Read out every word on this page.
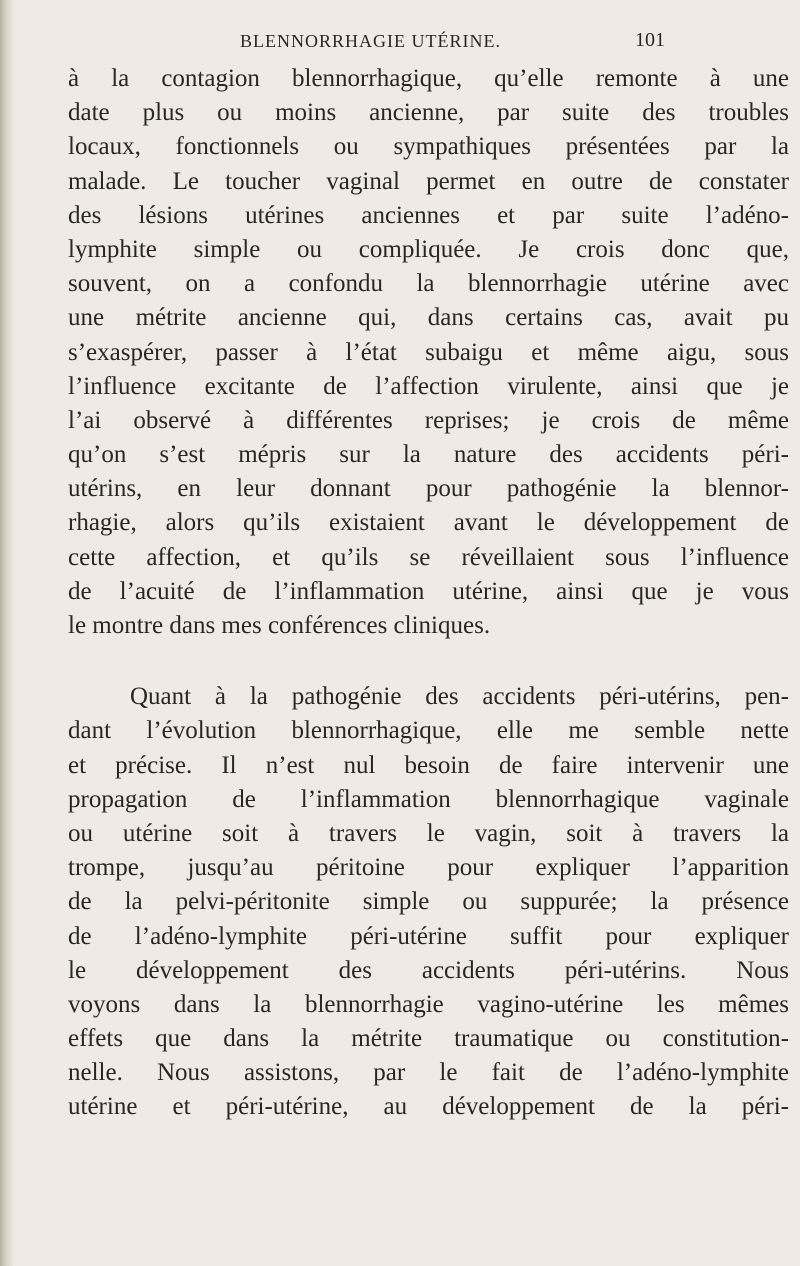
BLENNORRHAGIE UTÉRINE.	101
à la contagion blennorrhagique, qu’elle remonte à une
date plus ou moins ancienne, par suite des troubles
locaux, fonctionnels ou sympathiques présentées par la
malade. Le toucher vaginal permet en outre de constater
des lésions utérines anciennes et par suite l’adéno-
lymphite simple ou compliquée. Je crois donc que,
souvent, on a confondu la blennorrhagie utérine avec
une métrite ancienne qui, dans certains cas, avait pu
s’exaspérer, passer à l’état subaigu et même aigu, sous
l’influence excitante de l’affection virulente, ainsi que je
l’ai observé à différentes reprises; je crois de même
qu’on s’est mépris sur la nature des accidents péri-
utérins, en leur donnant pour pathogénie la blennor-
rhagie, alors qu’ils existaient avant le développement de
cette affection, et qu’ils se réveillaient sous l’influence
de l’acuité de l’inflammation utérine, ainsi que je vous
le montre dans mes conférences cliniques.
Quant à la pathogénie des accidents péri-utérins, pen-
dant l’évolution blennorrhagique, elle me semble nette
et précise. Il n’est nul besoin de faire intervenir une
propagation de l’inflammation blennorrhagique vaginale
ou utérine soit à travers le vagin, soit à travers la
trompe, jusqu’au péritoine pour expliquer l’apparition
de la pelvi-péritonite simple ou suppurée; la présence
de l’adéno-lymphite péri-utérine suffit pour expliquer
le développement des accidents péri-utérins. Nous
voyons dans la blennorrhagie vagino-utérine les mêmes
effets que dans la métrite traumatique ou constitution-
nelle. Nous assistons, par le fait de l’adéno-lymphite
utérine et péri-utérine, au développement de la péri-
